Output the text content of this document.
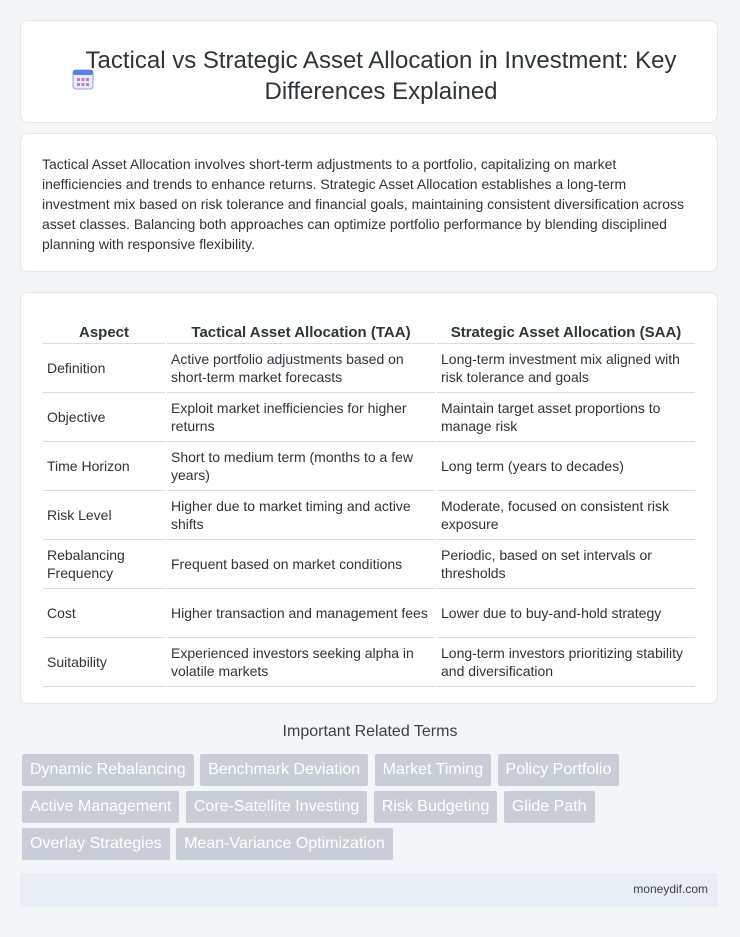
Tactical vs Strategic Asset Allocation in Investment: Key Differences Explained

Tactical Asset Allocation involves short-term adjustments to a portfolio, capitalizing on market inefficiencies and trends to enhance returns. Strategic Asset Allocation establishes a long-term investment mix based on risk tolerance and financial goals, maintaining consistent diversification across asset classes. Balancing both approaches can optimize portfolio performance by blending disciplined planning with responsive flexibility.

Aspect	Tactical Asset Allocation (TAA)	Strategic Asset Allocation (SAA)
Definition	Active portfolio adjustments based on short-term market forecasts	Long-term investment mix aligned with risk tolerance and goals
Objective	Exploit market inefficiencies for higher returns	Maintain target asset proportions to manage risk
Time Horizon	Short to medium term (months to a few years)	Long term (years to decades)
Risk Level	Higher due to market timing and active shifts	Moderate, focused on consistent risk exposure
Rebalancing Frequency	Frequent based on market conditions	Periodic, based on set intervals or thresholds
Cost	Higher transaction and management fees	Lower due to buy-and-hold strategy
Suitability	Experienced investors seeking alpha in volatile markets	Long-term investors prioritizing stability and diversification
Important Related Terms
Dynamic Rebalancing Benchmark Deviation Market Timing Policy Portfolio Active Management Core-Satellite Investing Risk Budgeting Glide Path Overlay Strategies Mean-Variance Optimization
moneydif.com
